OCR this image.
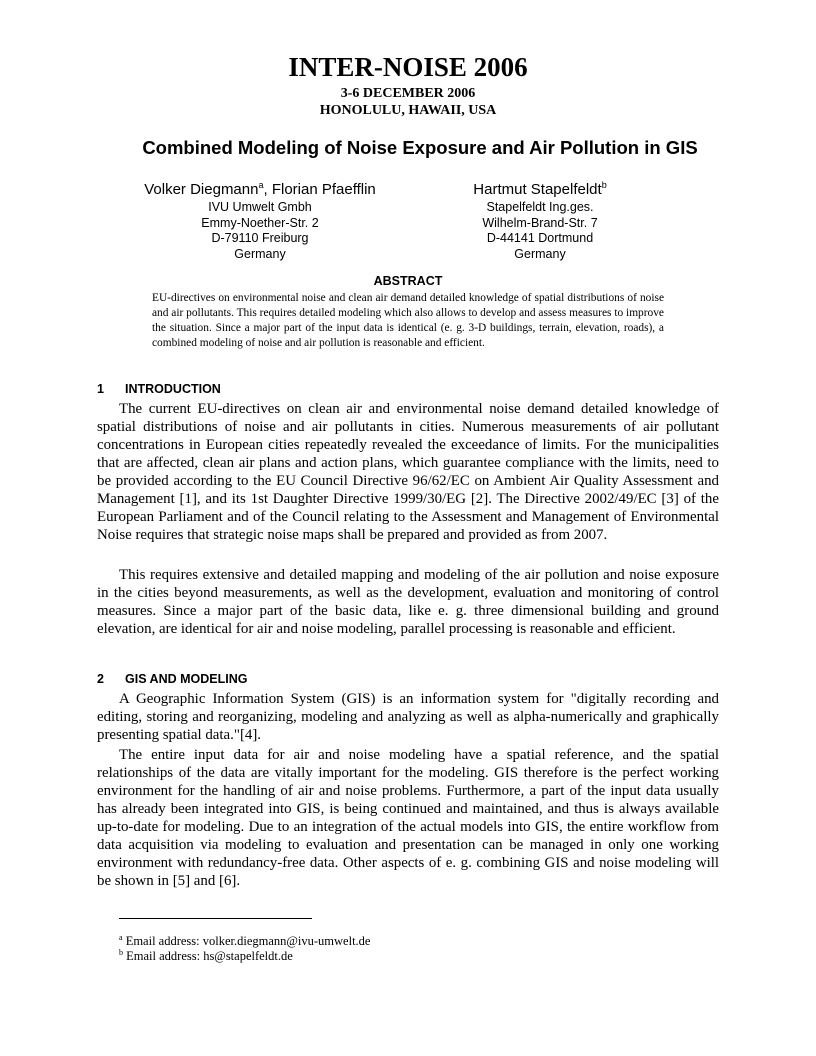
INTER-NOISE 2006
3-6 DECEMBER 2006
HONOLULU, HAWAII, USA
Combined Modeling of Noise Exposure and Air Pollution in GIS
Volker Diegmann$^a$, Florian Pfaefflin
IVU Umwelt Gmbh
Emmy-Noether-Str. 2
D-79110 Freiburg
Germany
Hartmut Stapelfeldt$^b$
Stapelfeldt Ing.ges.
Wilhelm-Brand-Str. 7
D-44141 Dortmund
Germany
ABSTRACT

EU-directives on environmental noise and clean air demand detailed knowledge of spatial distributions of noise and air pollutants. This requires detailed modeling which also allows to develop and assess measures to improve the situation. Since a major part of the input data is identical (e. g. 3-D buildings, terrain, elevation, roads), a combined modeling of noise and air pollution is reasonable and efficient.

1 INTRODUCTION

The current EU-directives on clean air and environmental noise demand detailed knowledge of spatial distributions of noise and air pollutants in cities. Numerous measurements of air pollutant concentrations in European cities repeatedly revealed the exceedance of limits. For the municipalities that are affected, clean air plans and action plans, which guarantee compliance with the limits, need to be provided according to the EU Council Directive 96/62/EC on Ambient Air Quality Assessment and Management [1], and its 1st Daughter Directive 1999/30/EG [2]. The Directive 2002/49/EC [3] of the European Parliament and of the Council relating to the Assessment and Management of Environmental Noise requires that strategic noise maps shall be prepared and provided as from 2007.

This requires extensive and detailed mapping and modeling of the air pollution and noise exposure in the cities beyond measurements, as well as the development, evaluation and monitoring of control measures. Since a major part of the basic data, like e. g. three dimensional building and ground elevation, are identical for air and noise modeling, parallel processing is reasonable and efficient.

2 GIS AND MODELING

A Geographic Information System (GIS) is an information system for "digitally recording and editing, storing and reorganizing, modeling and analyzing as well as alpha-numerically and graphically presenting spatial data."[4].

The entire input data for air and noise modeling have a spatial reference, and the spatial relationships of the data are vitally important for the modeling. GIS therefore is the perfect working environment for the handling of air and noise problems. Furthermore, a part of the input data usually has already been integrated into GIS, is being continued and maintained, and thus is always available up-to-date for modeling. Due to an integration of the actual models into GIS, the entire workflow from data acquisition via modeling to evaluation and presentation can be managed in only one working environment with redundancy-free data. Other aspects of e. g. combining GIS and noise modeling will be shown in [5] and [6].

$^a$ Email address: volker.diegmann@ivu-umwelt.de
$^b$ Email address: hs@stapelfeldt.de
